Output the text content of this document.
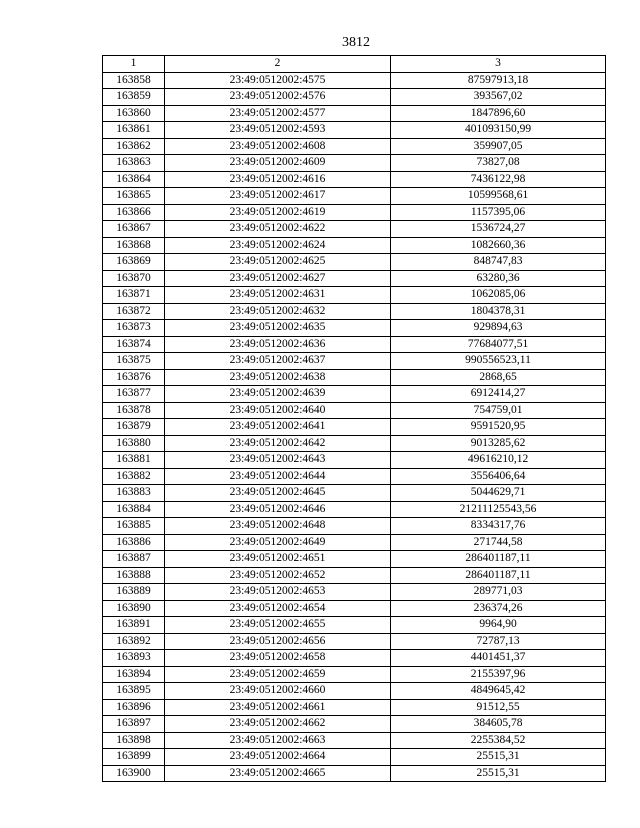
3812
1	2	3
163858	23:49:0512002:4575	87597913,18
163859	23:49:0512002:4576	393567,02
163860	23:49:0512002:4577	1847896,60
163861	23:49:0512002:4593	401093150,99
163862	23:49:0512002:4608	359907,05
163863	23:49:0512002:4609	73827,08
163864	23:49:0512002:4616	7436122,98
163865	23:49:0512002:4617	10599568,61
163866	23:49:0512002:4619	1157395,06
163867	23:49:0512002:4622	1536724,27
163868	23:49:0512002:4624	1082660,36
163869	23:49:0512002:4625	848747,83
163870	23:49:0512002:4627	63280,36
163871	23:49:0512002:4631	1062085,06
163872	23:49:0512002:4632	1804378,31
163873	23:49:0512002:4635	929894,63
163874	23:49:0512002:4636	77684077,51
163875	23:49:0512002:4637	990556523,11
163876	23:49:0512002:4638	2868,65
163877	23:49:0512002:4639	6912414,27
163878	23:49:0512002:4640	754759,01
163879	23:49:0512002:4641	9591520,95
163880	23:49:0512002:4642	9013285,62
163881	23:49:0512002:4643	49616210,12
163882	23:49:0512002:4644	3556406,64
163883	23:49:0512002:4645	5044629,71
163884	23:49:0512002:4646	21211125543,56
163885	23:49:0512002:4648	8334317,76
163886	23:49:0512002:4649	271744,58
163887	23:49:0512002:4651	286401187,11
163888	23:49:0512002:4652	286401187,11
163889	23:49:0512002:4653	289771,03
163890	23:49:0512002:4654	236374,26
163891	23:49:0512002:4655	9964,90
163892	23:49:0512002:4656	72787,13
163893	23:49:0512002:4658	4401451,37
163894	23:49:0512002:4659	2155397,96
163895	23:49:0512002:4660	4849645,42
163896	23:49:0512002:4661	91512,55
163897	23:49:0512002:4662	384605,78
163898	23:49:0512002:4663	2255384,52
163899	23:49:0512002:4664	25515,31
163900	23:49:0512002:4665	25515,31
